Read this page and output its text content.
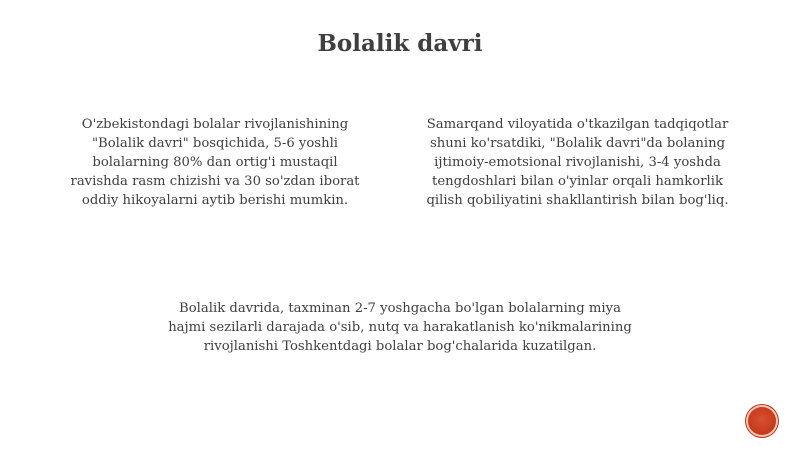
Bolalik davri

O'zbekistondagi bolalar rivojlanishining
"Bolalik davri" bosqichida, 5-6 yoshli
bolalarning 80% dan ortig'i mustaqil
ravishda rasm chizishi va 30 so'zdan iborat
oddiy hikoyalarni aytib berishi mumkin.

Samarqand viloyatida o'tkazilgan tadqiqotlar
shuni ko'rsatdiki, "Bolalik davri"da bolaning
ijtimoiy-emotsional rivojlanishi, 3-4 yoshda
tengdoshlari bilan o'yinlar orqali hamkorlik
qilish qobiliyatini shakllantirish bilan bog'liq.

Bolalik davrida, taxminan 2-7 yoshgacha bo'lgan bolalarning miya
hajmi sezilarli darajada o'sib, nutq va harakatlanish ko'nikmalarining
rivojlanishi Toshkentdagi bolalar bog'chalarida kuzatilgan.
